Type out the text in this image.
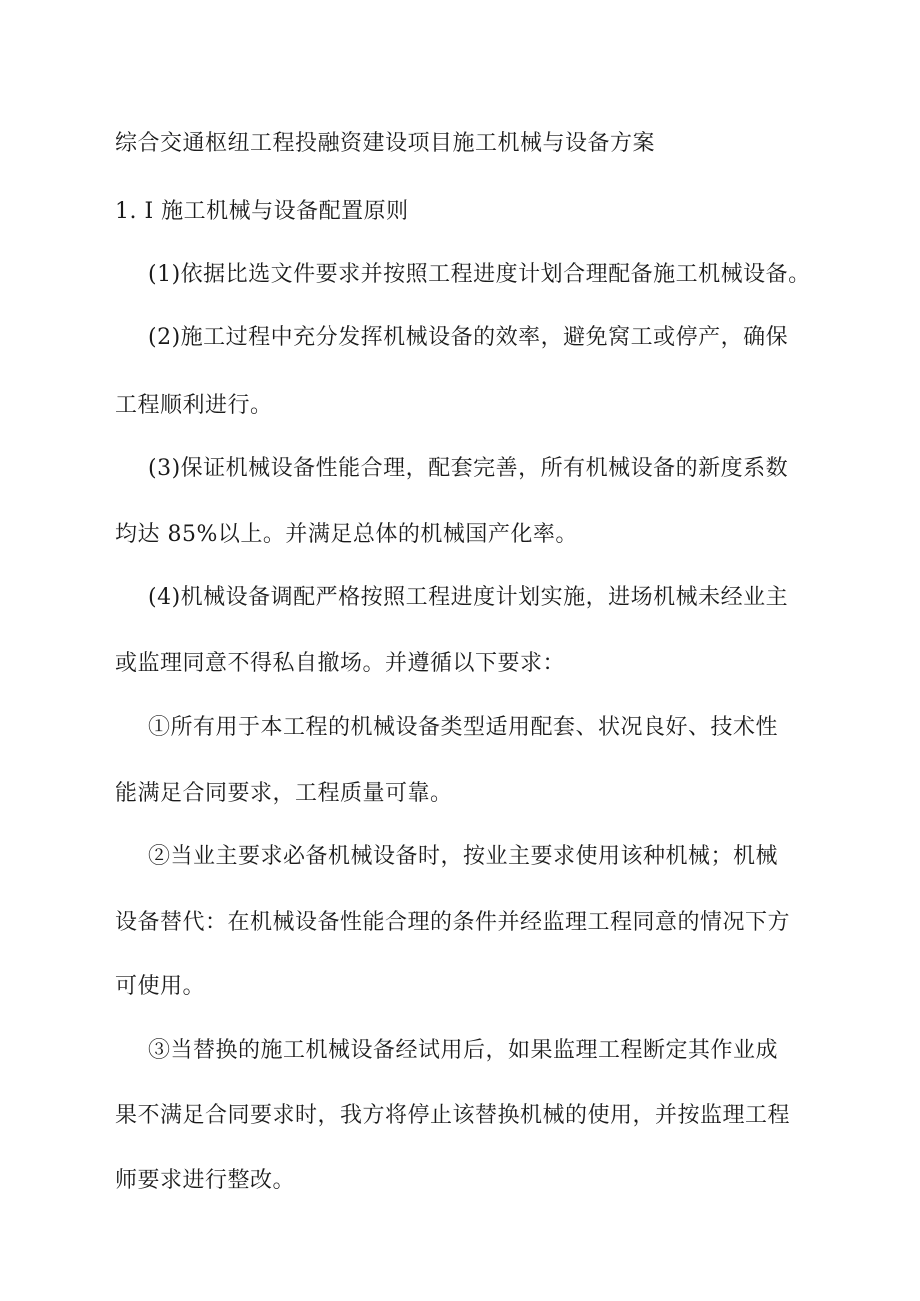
综合交通枢纽工程投融资建设项目施工机械与设备方案

1. I 施工机械与设备配置原则

(1)依据比选文件要求并按照工程进度计划合理配备施工机械设备。

(2)施工过程中充分发挥机械设备的效率，避免窝工或停产，确保

工程顺利进行。

(3)保证机械设备性能合理，配套完善，所有机械设备的新度系数

均达 85%以上。并满足总体的机械国产化率。

(4)机械设备调配严格按照工程进度计划实施，进场机械未经业主

或监理同意不得私自撤场。并遵循以下要求：

①所有用于本工程的机械设备类型适用配套、状况良好、技术性

能满足合同要求，工程质量可靠。

②当业主要求必备机械设备时，按业主要求使用该种机械；机械

设备替代：在机械设备性能合理的条件并经监理工程同意的情况下方

可使用。

③当替换的施工机械设备经试用后，如果监理工程断定其作业成

果不满足合同要求时，我方将停止该替换机械的使用，并按监理工程

师要求进行整改。
